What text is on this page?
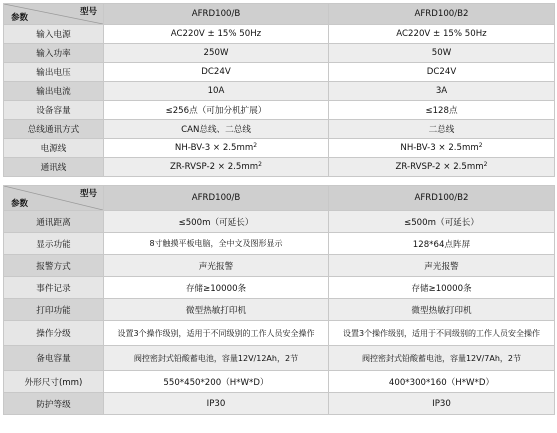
型号
参数	AFRD100/B	AFRD100/B2
输入电源	AC220V ± 15% 50Hz	AC220V ± 15% 50Hz
输入功率	250W	50W
输出电压	DC24V	DC24V
输出电流	10A	3A
设备容量	≤256点（可加分机扩展）	≤128点
总线通讯方式	CAN总线、二总线	二总线
电源线	$NH-BV-3 \times 2.5mm^2$	$NH-BV-3 \times 2.5mm^2$
通讯线	ZR-RVSP-2 × $2.5mm^2$	ZR-RVSP-2 × $2.5mm^2$
型号
参数	AFRD100/B	AFRD100/B2
通讯距离	≤500m（可延长）	≤500m（可延长）
显示功能	8寸触摸平板电脑，全中文及图形显示	128*64点阵屏
报警方式	声光报警	声光报警
事件记录	存储≥10000条	存储≥10000条
打印功能	微型热敏打印机	微型热敏打印机
操作分级	设置3个操作级别，适用于不同级别的工作人员安全操作	设置3个操作级别，适用于不同级别的工作人员安全操作
备电容量	阀控密封式铅酸蓄电池，容量12V/12Ah，2节	阀控密封式铅酸蓄电池，容量12V/7Ah，2节
外形尺寸(mm)	550*450*200（H*W*D）	400*300*160（H*W*D）
防护等级	IP30	IP30
